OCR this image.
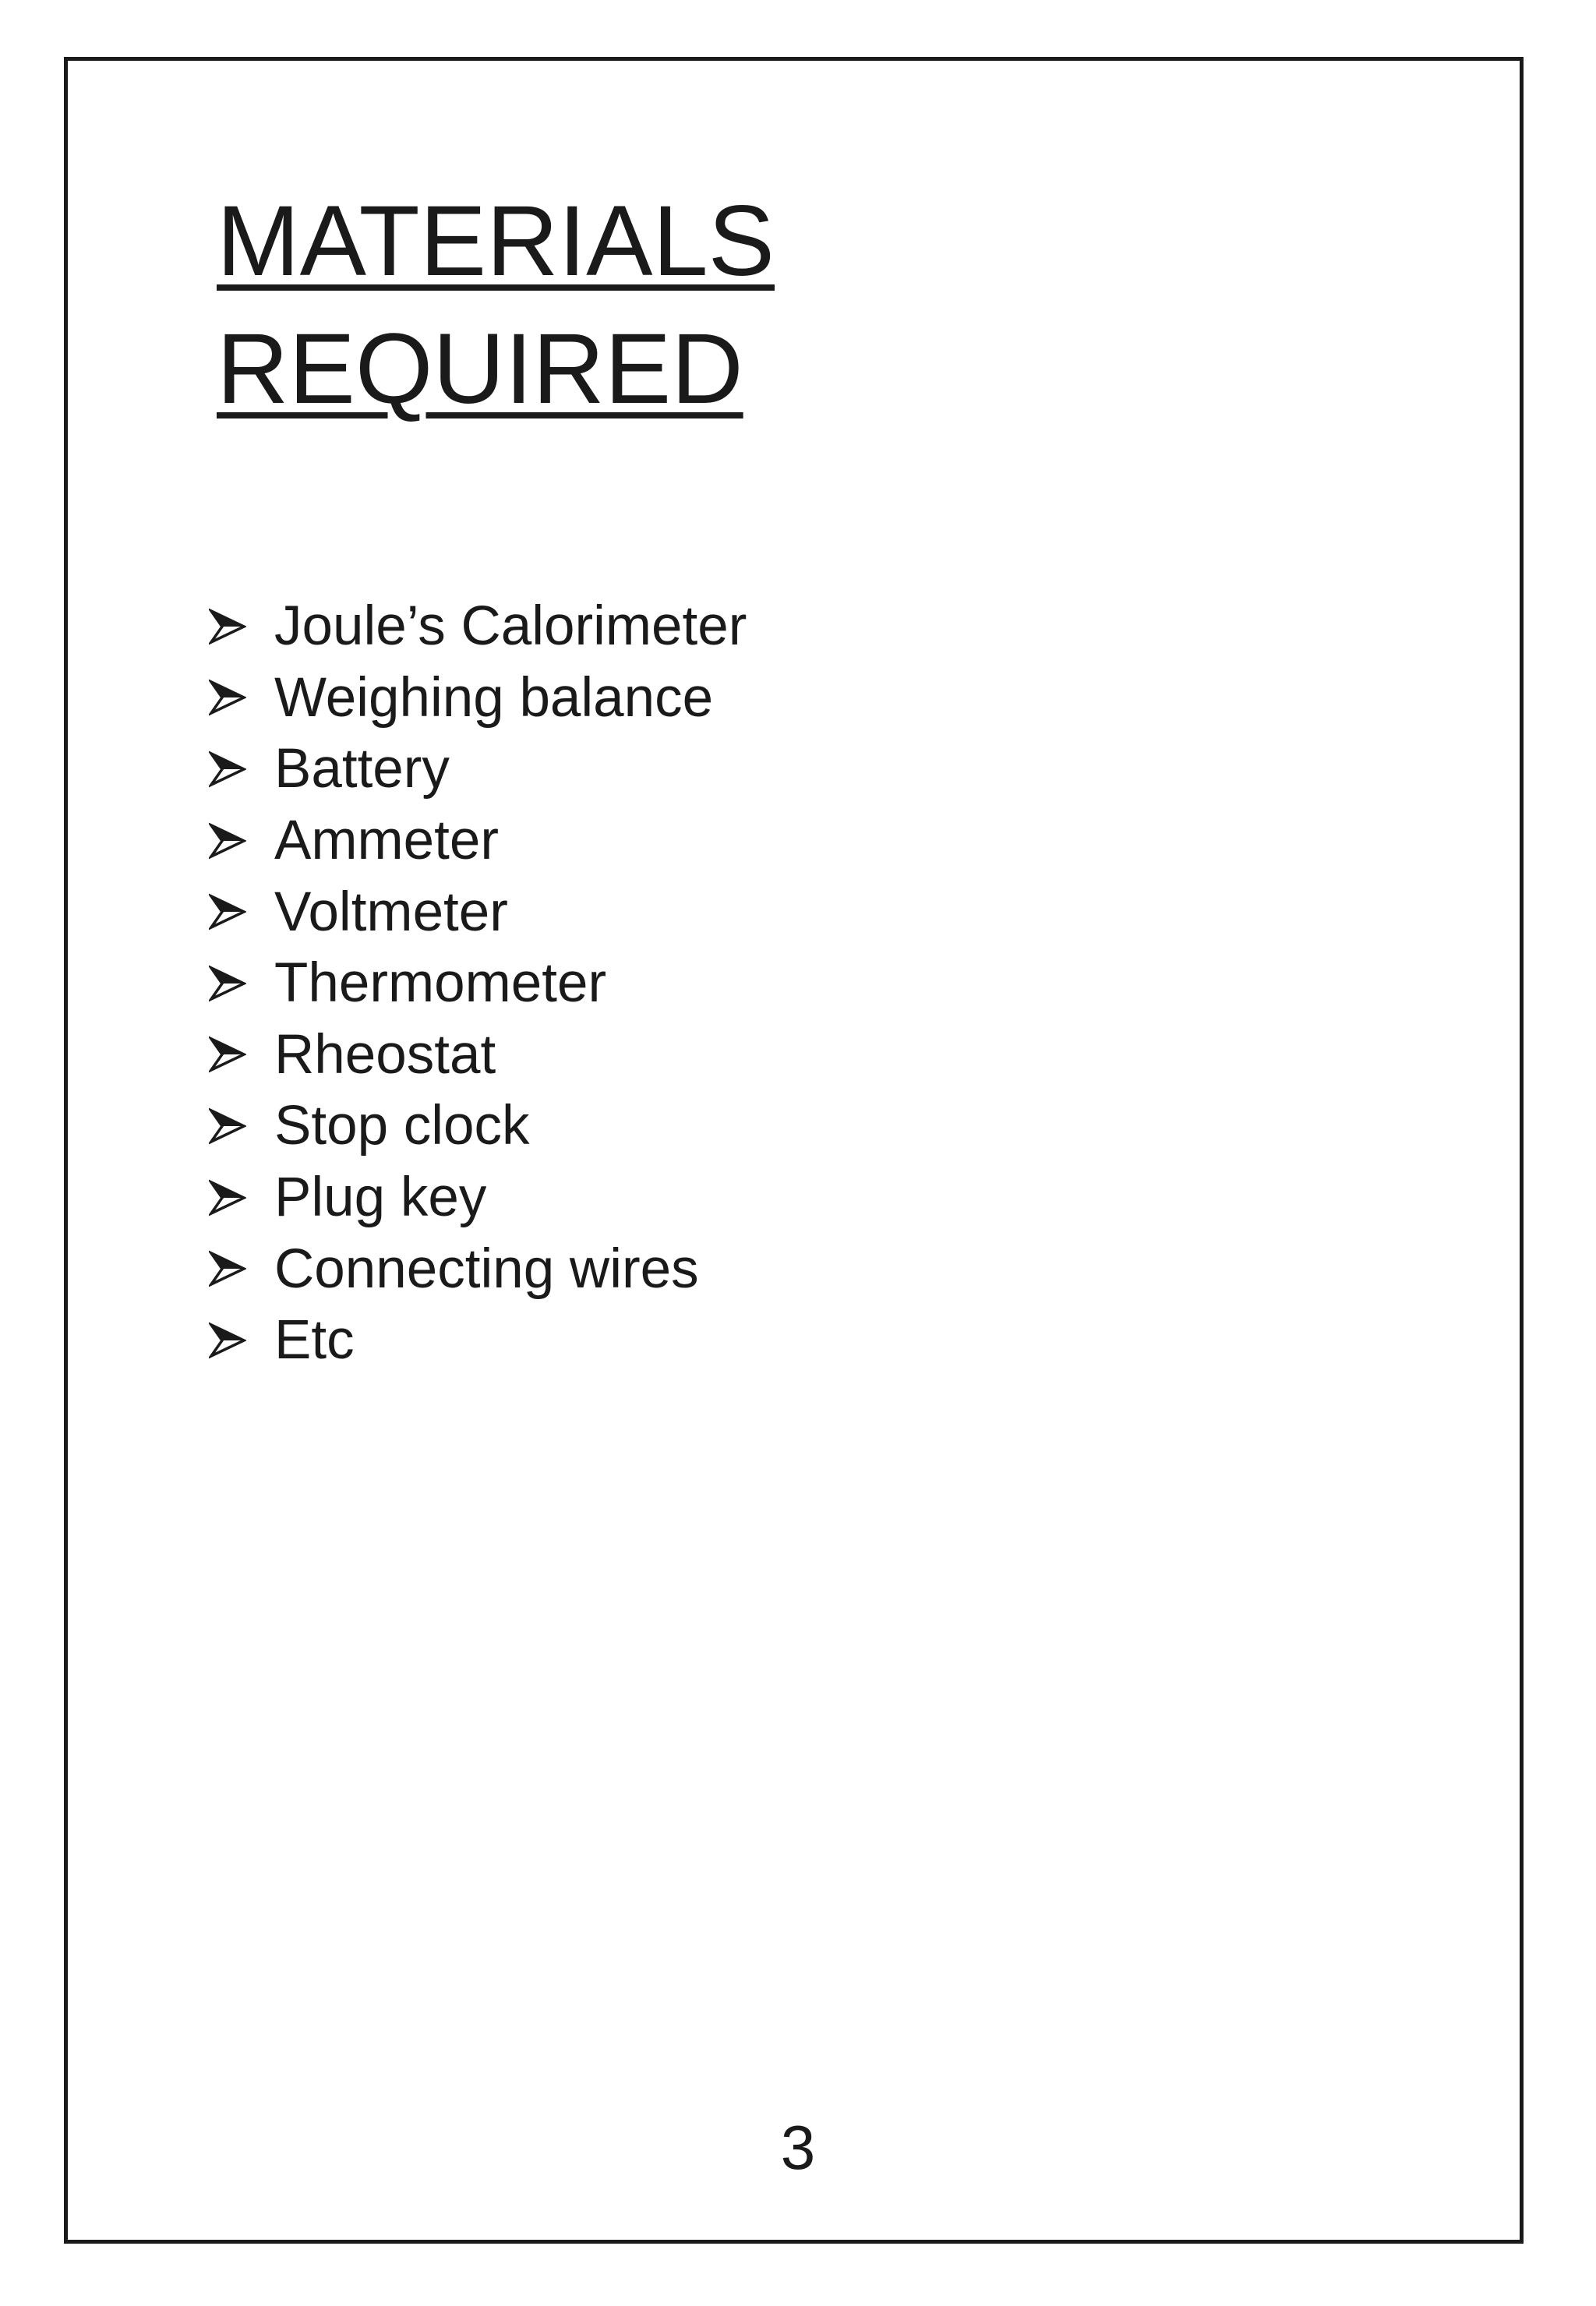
MATERIALS
REQUIRED
Joule’s Calorimeter
Weighing balance
Battery
Ammeter
Voltmeter
Thermometer
Rheostat
Stop clock
Plug key
Connecting wires
Etc
3
